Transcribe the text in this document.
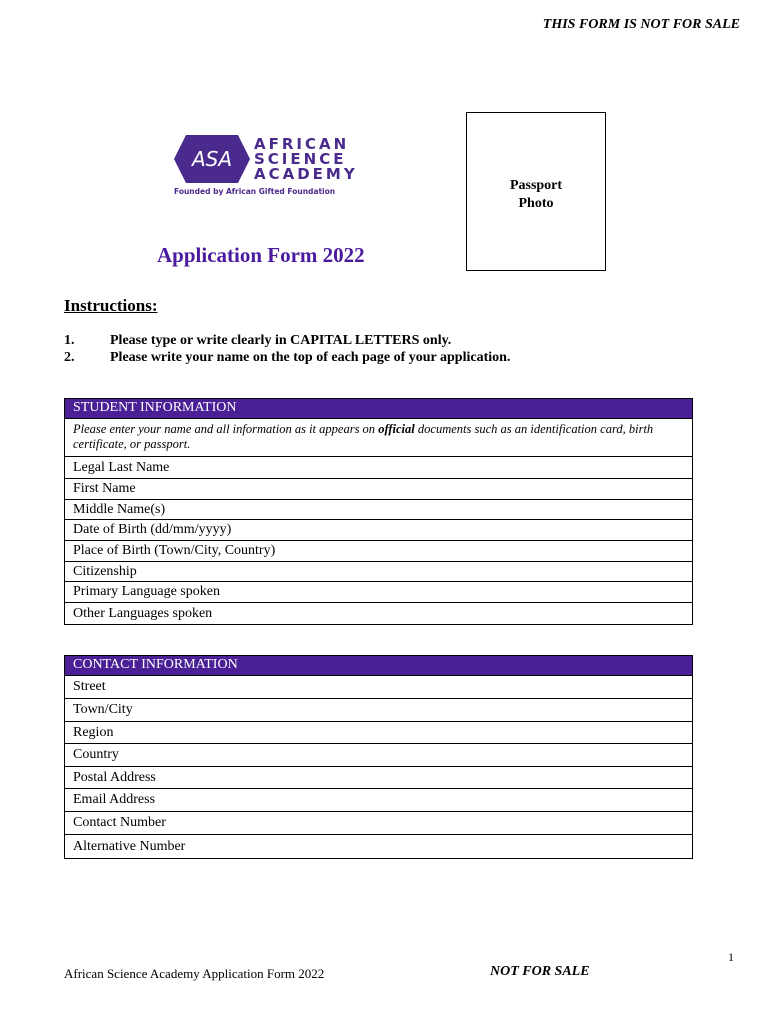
THIS FORM IS NOT FOR SALE
ASA
AFRICAN
SCIENCE
ACADEMY
Founded by African Gifted Foundation	Passport
Photo
Application Form 2022
Instructions:
1.	Please type or write clearly in CAPITAL LETTERS only.
2.	Please write your name on the top of each page of your application.
STUDENT INFORMATION
Please enter your name and all information as it appears on official documents such as an identification card, birth certificate, or passport.
Legal Last Name
First Name
Middle Name(s)
Date of Birth (dd/mm/yyyy)
Place of Birth (Town/City, Country)
Citizenship
Primary Language spoken
Other Languages spoken
CONTACT INFORMATION
Street
Town/City
Region
Country
Postal Address
Email Address
Contact Number
Alternative Number
1
African Science Academy Application Form 2022	NOT FOR SALE
